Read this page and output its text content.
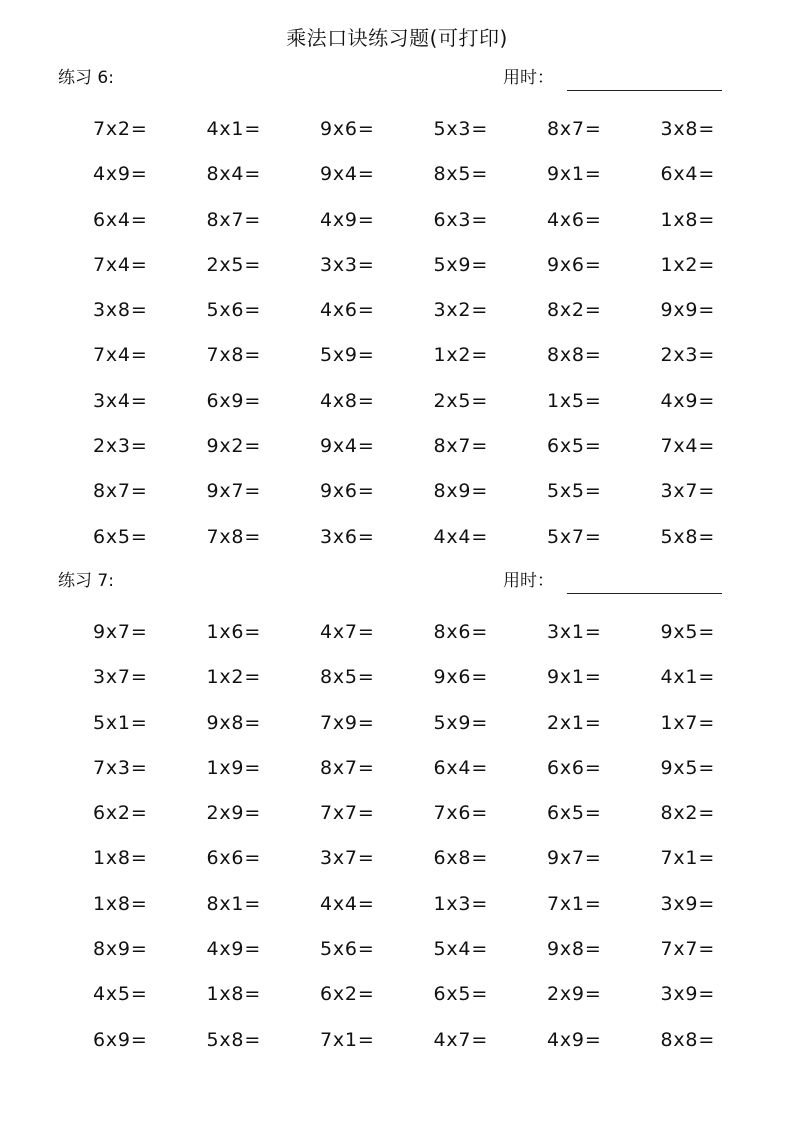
乘法口诀练习题(可打印)
练习 6:	用时：
7x2=	4x1=	9x6=	5x3=	8x7=	3x8=
4x9=	8x4=	9x4=	8x5=	9x1=	6x4=
6x4=	8x7=	4x9=	6x3=	4x6=	1x8=
7x4=	2x5=	3x3=	5x9=	9x6=	1x2=
3x8=	5x6=	4x6=	3x2=	8x2=	9x9=
7x4=	7x8=	5x9=	1x2=	8x8=	2x3=
3x4=	6x9=	4x8=	2x5=	1x5=	4x9=
2x3=	9x2=	9x4=	8x7=	6x5=	7x4=
8x7=	9x7=	9x6=	8x9=	5x5=	3x7=
6x5=	7x8=	3x6=	4x4=	5x7=	5x8=
练习 7:	用时：
9x7=	1x6=	4x7=	8x6=	3x1=	9x5=
3x7=	1x2=	8x5=	9x6=	9x1=	4x1=
5x1=	9x8=	7x9=	5x9=	2x1=	1x7=
7x3=	1x9=	8x7=	6x4=	6x6=	9x5=
6x2=	2x9=	7x7=	7x6=	6x5=	8x2=
1x8=	6x6=	3x7=	6x8=	9x7=	7x1=
1x8=	8x1=	4x4=	1x3=	7x1=	3x9=
8x9=	4x9=	5x6=	5x4=	9x8=	7x7=
4x5=	1x8=	6x2=	6x5=	2x9=	3x9=
6x9=	5x8=	7x1=	4x7=	4x9=	8x8=
